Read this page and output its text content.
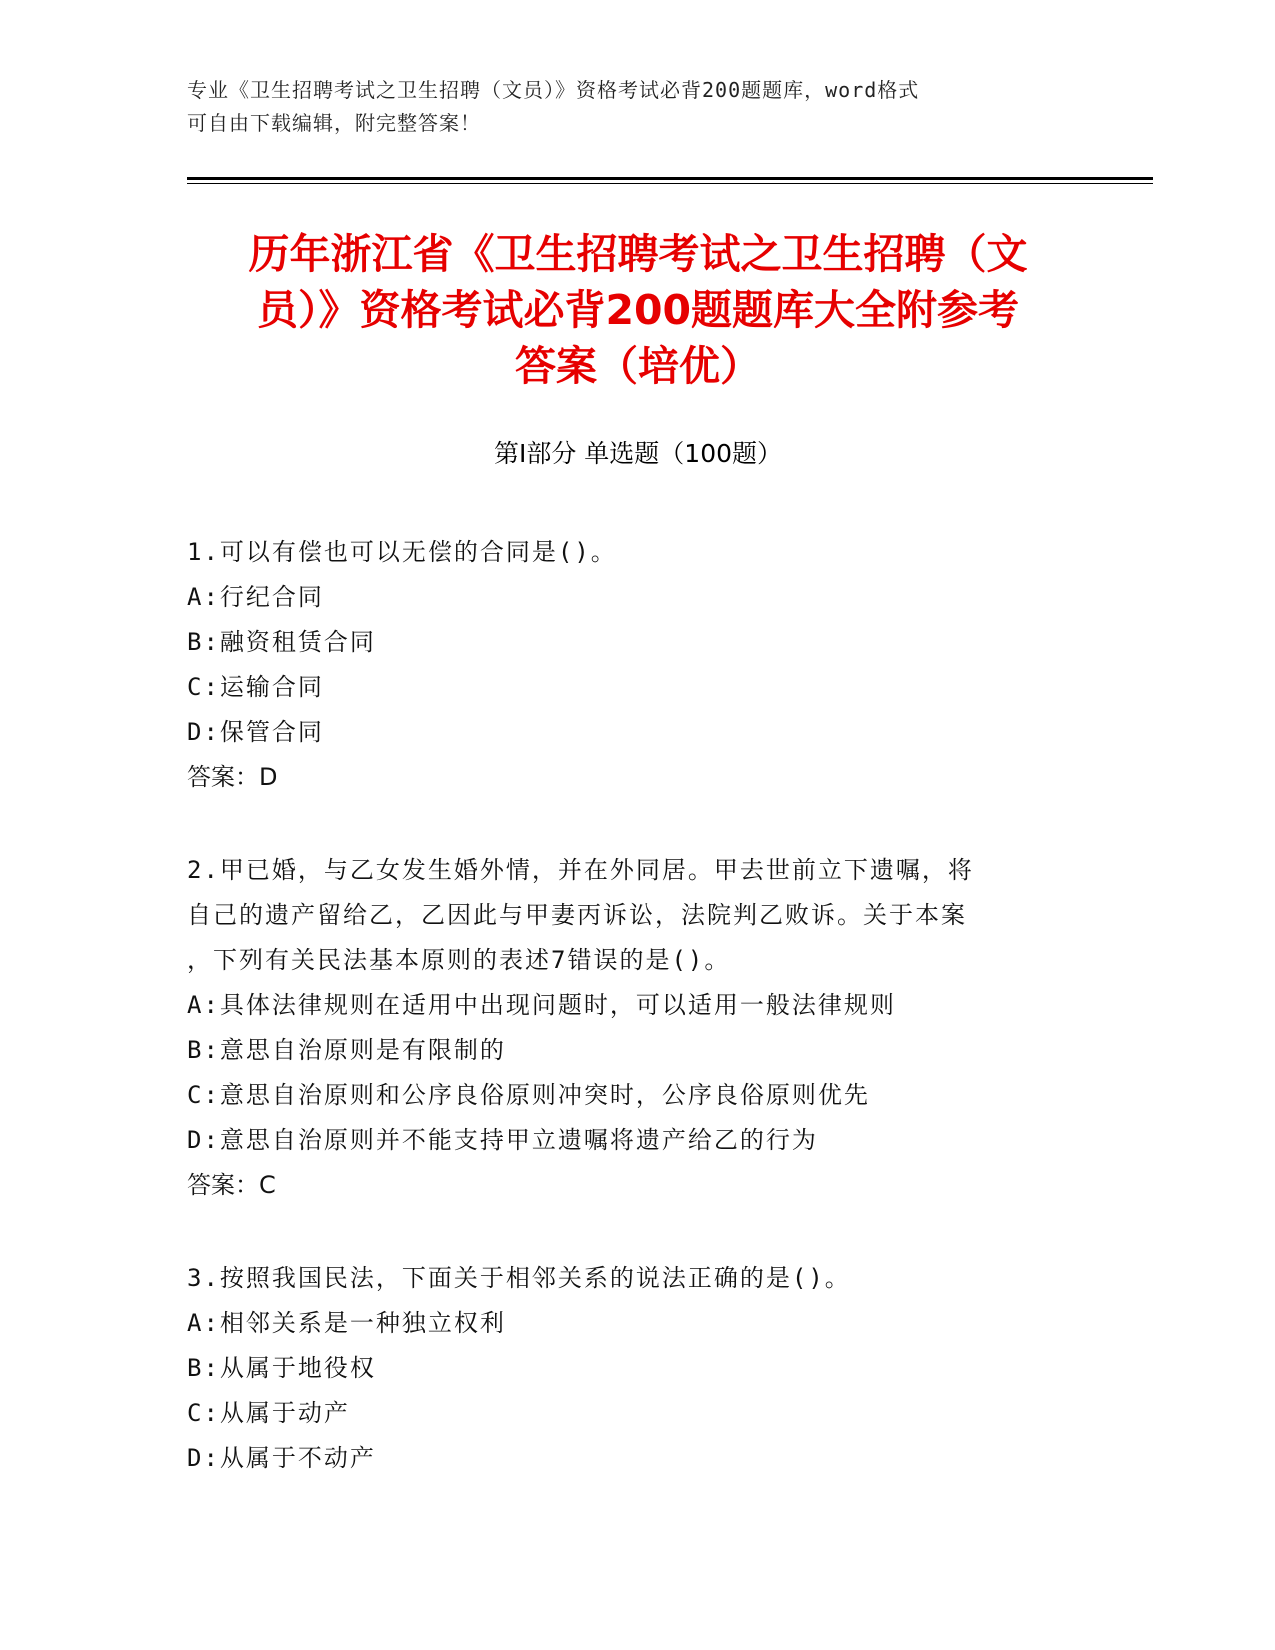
专业《卫生招聘考试之卫生招聘（文员）》资格考试必背200题题库，word格式
可自由下载编辑，附完整答案！
历年浙江省《卫生招聘考试之卫生招聘（文
员）》资格考试必背200题题库大全附参考
答案（培优）
第Ⅰ部分 单选题（100题）
1.可以有偿也可以无偿的合同是()。
A:行纪合同
B:融资租赁合同
C:运输合同
D:保管合同
答案：D
2.甲已婚，与乙女发生婚外情，并在外同居。甲去世前立下遗嘱，将
自己的遗产留给乙，乙因此与甲妻丙诉讼，法院判乙败诉。关于本案
，下列有关民法基本原则的表述7错误的是()。
A:具体法律规则在适用中出现问题时，可以适用一般法律规则
B:意思自治原则是有限制的
C:意思自治原则和公序良俗原则冲突时，公序良俗原则优先
D:意思自治原则并不能支持甲立遗嘱将遗产给乙的行为
答案：C
3.按照我国民法，下面关于相邻关系的说法正确的是()。
A:相邻关系是一种独立权利
B:从属于地役权
C:从属于动产
D:从属于不动产
